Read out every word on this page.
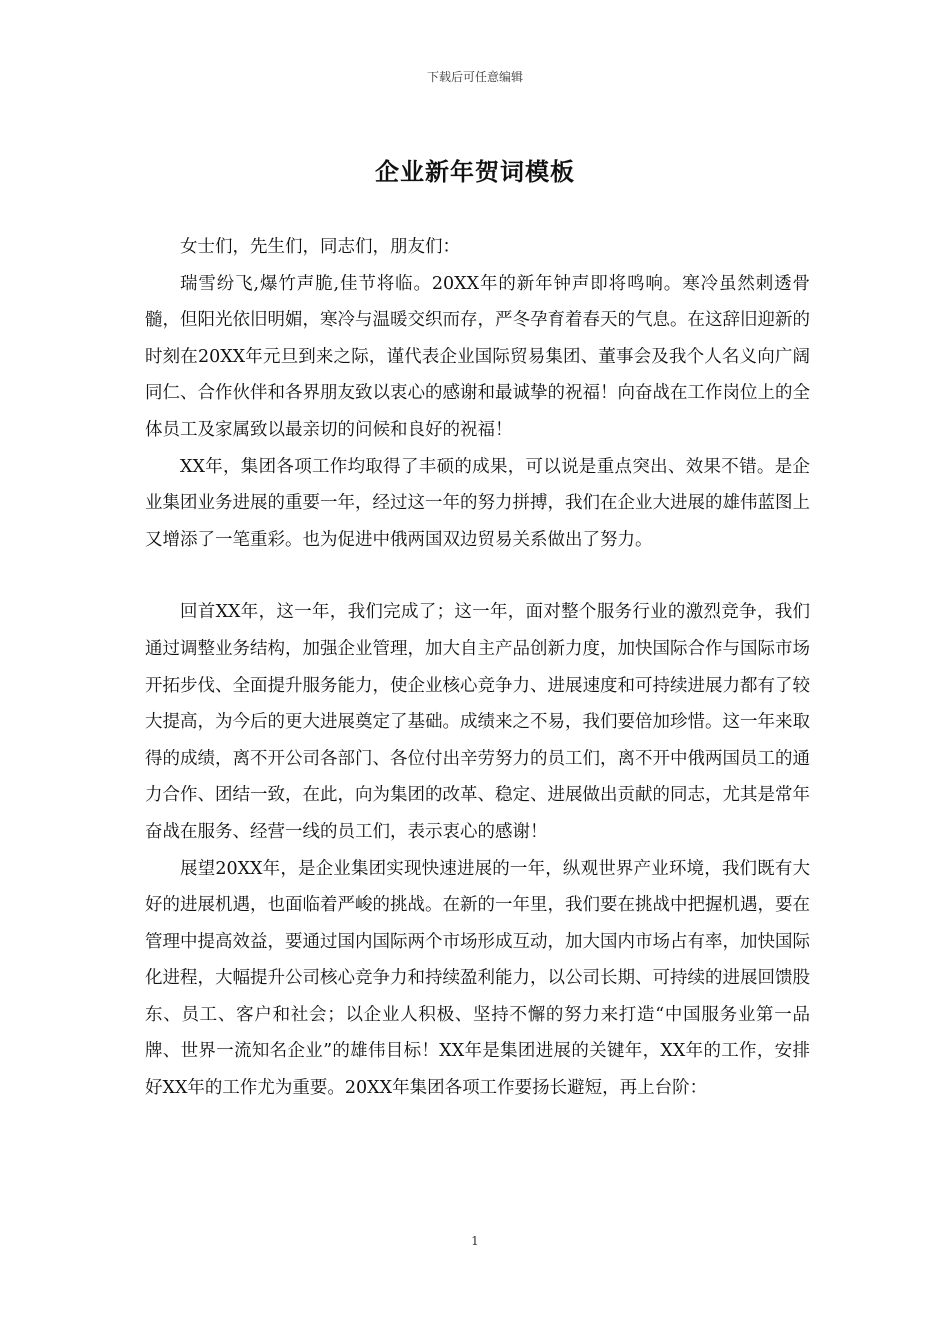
下载后可任意编辑
企业新年贺词模板

女士们，先生们，同志们，朋友们：

瑞雪纷飞,爆竹声脆,佳节将临。20XX年的新年钟声即将鸣响。寒冷虽然刺透骨髓，但阳光依旧明媚，寒冷与温暖交织而存，严冬孕育着春天的气息。在这辞旧迎新的时刻在20XX年元旦到来之际，谨代表企业国际贸易集团、董事会及我个人名义向广阔同仁、合作伙伴和各界朋友致以衷心的感谢和最诚挚的祝福！向奋战在工作岗位上的全体员工及家属致以最亲切的问候和良好的祝福！

XX年，集团各项工作均取得了丰硕的成果，可以说是重点突出、效果不错。是企业集团业务进展的重要一年，经过这一年的努力拼搏，我们在企业大进展的雄伟蓝图上又增添了一笔重彩。也为促进中俄两国双边贸易关系做出了努力。

回首XX年，这一年，我们完成了；这一年，面对整个服务行业的激烈竞争，我们通过调整业务结构，加强企业管理，加大自主产品创新力度，加快国际合作与国际市场开拓步伐、全面提升服务能力，使企业核心竞争力、进展速度和可持续进展力都有了较大提高，为今后的更大进展奠定了基础。成绩来之不易，我们要倍加珍惜。这一年来取得的成绩，离不开公司各部门、各位付出辛劳努力的员工们，离不开中俄两国员工的通力合作、团结一致，在此，向为集团的改革、稳定、进展做出贡献的同志，尤其是常年奋战在服务、经营一线的员工们，表示衷心的感谢！

展望20XX年，是企业集团实现快速进展的一年，纵观世界产业环境，我们既有大好的进展机遇，也面临着严峻的挑战。在新的一年里，我们要在挑战中把握机遇，要在管理中提高效益，要通过国内国际两个市场形成互动，加大国内市场占有率，加快国际化进程，大幅提升公司核心竞争力和持续盈利能力，以公司长期、可持续的进展回馈股东、员工、客户和社会；以企业人积极、坚持不懈的努力来打造“中国服务业第一品牌、世界一流知名企业”的雄伟目标！XX年是集团进展的关键年，XX年的工作，安排好XX年的工作尤为重要。20XX年集团各项工作要扬长避短，再上台阶：

1
